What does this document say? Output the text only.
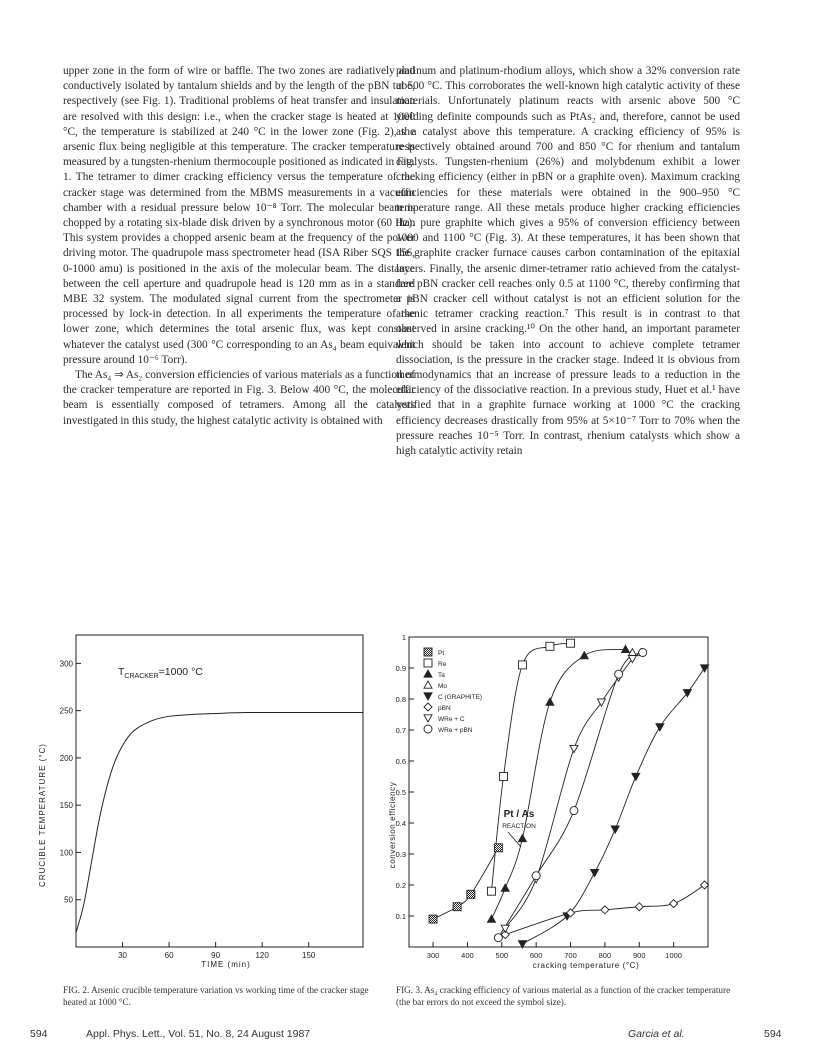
upper zone in the form of wire or baffle. The two zones are radiatively and conductively isolated by tantalum shields and by the length of the pBN tube, respectively (see Fig. 1). Traditional problems of heat transfer and insulation are resolved with this design: i.e., when the cracker stage is heated at 1000 °C, the temperature is stabilized at 240 °C in the lower zone (Fig. 2), the arsenic flux being negligible at this temperature. The cracker temperature is measured by a tungsten-rhenium thermocouple positioned as indicated in Fig. 1. The tetramer to dimer cracking efficiency versus the temperature of the cracker stage was determined from the MBMS measurements in a vacuum chamber with a residual pressure below 10⁻⁸ Torr. The molecular beam is chopped by a rotating six-blade disk driven by a synchronous motor (60 Hz). This system provides a chopped arsenic beam at the frequency of the power driving motor. The quadrupole mass spectrometer head (ISA Riber SQS 156, 0-1000 amu) is positioned in the axis of the molecular beam. The distance between the cell aperture and quadrupole head is 120 mm as in a standard MBE 32 system. The modulated signal current from the spectrometer is processed by lock-in detection. In all experiments the temperature of the lower zone, which determines the total arsenic flux, was kept constant whatever the catalyst used (300 °C corresponding to an As₄ beam equivalent pressure around 10⁻⁶ Torr).

The As₄ ⇒ As₂ conversion efficiencies of various materials as a function of the cracker temperature are reported in Fig. 3. Below 400 °C, the molecular beam is essentially composed of tetramers. Among all the catalysts investigated in this study, the highest catalytic activity is obtained with

platinum and platinum-rhodium alloys, which show a 32% conversion rate at 500 °C. This corroborates the well-known high catalytic activity of these materials. Unfortunately platinum reacts with arsenic above 500 °C yielding definite compounds such as PtAs₂ and, therefore, cannot be used as a catalyst above this temperature. A cracking efficiency of 95% is respectively obtained around 700 and 850 °C for rhenium and tantalum catalysts. Tungsten-rhenium (26%) and molybdenum exhibit a lower cracking efficiency (either in pBN or a graphite oven). Maximum cracking efficiencies for these materials were obtained in the 900–950 °C temperature range. All these metals produce higher cracking efficiencies than pure graphite which gives a 95% of conversion efficiency between 1000 and 1100 °C (Fig. 3). At these temperatures, it has been shown that the graphite cracker furnace causes carbon contamination of the epitaxial layers. Finally, the arsenic dimer-tetramer ratio achieved from the catalyst-free pBN cracker cell reaches only 0.5 at 1100 °C, thereby confirming that a pBN cracker cell without catalyst is not an efficient solution for the arsenic tetramer cracking reaction.⁷ This result is in contrast to that observed in arsine cracking.¹⁰ On the other hand, an important parameter which should be taken into account to achieve complete tetramer dissociation, is the pressure in the cracker stage. Indeed it is obvious from thermodynamics that an increase of pressure leads to a reduction in the efficiency of the dissociative reaction. In a previous study, Huet et al.¹ have verified that in a graphite furnace working at 1000 °C the cracking efficiency decreases drastically from 95% at 5×10⁻⁷ Torr to 70% when the pressure reaches 10⁻⁵ Torr. In contrast, rhenium catalysts which show a high catalytic activity retain

30	60	90	120	150
50
100
150
200
250
300
$T_{CRACKER}=1000$ °C
TIME (min)
CRUCIBLE TEMPERATURE (°C)
FIG. 2. Arsenic crucible temperature variation vs working time of the cracker stage heated at 1000 °C.
300	400	500	600	700	800	900	1000
0.1
0.2
0.3
0.4
0.5
0.6
0.7
0.8
0.9
1
Pt
Re
Ta
Mo
C (GRAPHITE)
pBN
WRe + C
WRe + pBN
Pt / As
REACTION
cracking temperature (°C)
conversion efficiency
FIG. 3. As₄ cracking efficiency of various material as a function of the cracker temperature (the bar errors do not exceed the symbol size).
594	Appl. Phys. Lett., Vol. 51, No. 8, 24 August 1987	Garcia et al.	594
